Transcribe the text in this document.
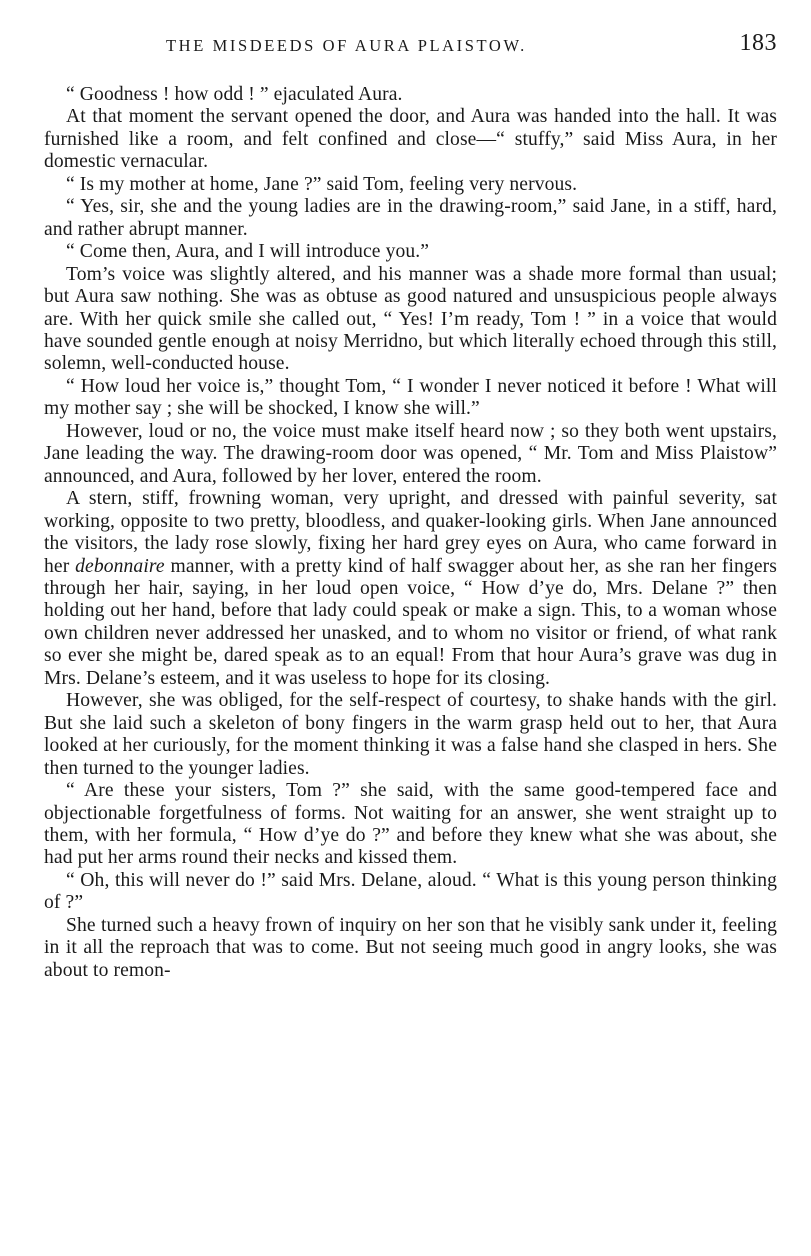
THE MISDEEDS OF AURA PLAISTOW.	183

“ Goodness ! how odd ! ” ejaculated Aura.

At that moment the servant opened the door, and Aura was handed into the hall. It was furnished like a room, and felt confined and close—“ stuffy,” said Miss Aura, in her domestic vernacular.

“ Is my mother at home, Jane ?” said Tom, feeling very nervous.

“ Yes, sir, she and the young ladies are in the drawing-room,” said Jane, in a stiff, hard, and rather abrupt manner.

“ Come then, Aura, and I will introduce you.”

Tom’s voice was slightly altered, and his manner was a shade more formal than usual; but Aura saw nothing. She was as obtuse as good natured and unsuspicious people always are. With her quick smile she called out, “ Yes! I’m ready, Tom ! ” in a voice that would have sounded gentle enough at noisy Merridno, but which literally echoed through this still, solemn, well-conducted house.

“ How loud her voice is,” thought Tom, “ I wonder I never noticed it before ! What will my mother say ; she will be shocked, I know she will.”

However, loud or no, the voice must make itself heard now ; so they both went upstairs, Jane leading the way. The drawing-room door was opened, “ Mr. Tom and Miss Plaistow” announced, and Aura, followed by her lover, entered the room.

A stern, stiff, frowning woman, very upright, and dressed with painful severity, sat working, opposite to two pretty, bloodless, and quaker-looking girls. When Jane announced the visitors, the lady rose slowly, fixing her hard grey eyes on Aura, who came forward in her debonnaire manner, with a pretty kind of half swagger about her, as she ran her fingers through her hair, saying, in her loud open voice, “ How d’ye do, Mrs. Delane ?” then holding out her hand, before that lady could speak or make a sign. This, to a woman whose own children never addressed her unasked, and to whom no visitor or friend, of what rank so ever she might be, dared speak as to an equal! From that hour Aura’s grave was dug in Mrs. Delane’s esteem, and it was useless to hope for its closing.

However, she was obliged, for the self-respect of courtesy, to shake hands with the girl. But she laid such a skeleton of bony fingers in the warm grasp held out to her, that Aura looked at her curiously, for the moment thinking it was a false hand she clasped in hers. She then turned to the younger ladies.

“ Are these your sisters, Tom ?” she said, with the same good-tempered face and objectionable forgetfulness of forms. Not waiting for an answer, she went straight up to them, with her formula, “ How d’ye do ?” and before they knew what she was about, she had put her arms round their necks and kissed them.

“ Oh, this will never do !” said Mrs. Delane, aloud. “ What is this young person thinking of ?”

She turned such a heavy frown of inquiry on her son that he visibly sank under it, feeling in it all the reproach that was to come. But not seeing much good in angry looks, she was about to remon-
